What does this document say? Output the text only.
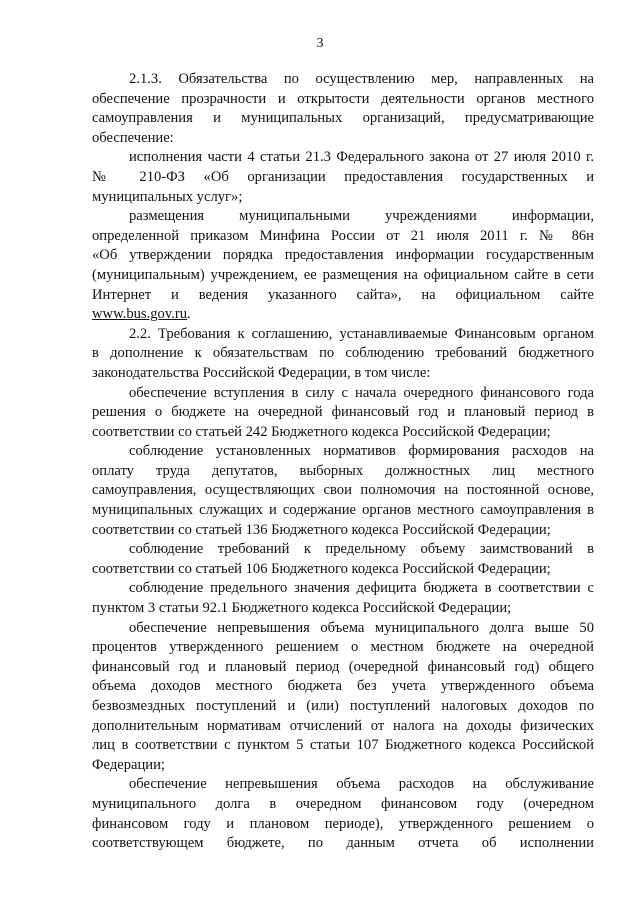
3

2.1.3. Обязательства по осуществлению мер, направленных на
обеспечение прозрачности и открытости деятельности органов местного
самоуправления и муниципальных организаций, предусматривающие
обеспечение:

исполнения части 4 статьи 21.3 Федерального закона от 27 июля 2010 г.
№ 210-ФЗ «Об организации предоставления государственных и
муниципальных услуг»;

размещения муниципальными учреждениями информации,
определенной приказом Минфина России от 21 июля 2011 г. № 86н
«Об утверждении порядка предоставления информации государственным
(муниципальным) учреждением, ее размещения на официальном сайте в сети
Интернет и ведения указанного сайта», на официальном сайте
www.bus.gov.ru.

2.2. Требования к соглашению, устанавливаемые Финансовым органом
в дополнение к обязательствам по соблюдению требований бюджетного
законодательства Российской Федерации, в том числе:

обеспечение вступления в силу с начала очередного финансового года
решения о бюджете на очередной финансовый год и плановый период в
соответствии со статьей 242 Бюджетного кодекса Российской Федерации;

соблюдение установленных нормативов формирования расходов на
оплату труда депутатов, выборных должностных лиц местного
самоуправления, осуществляющих свои полномочия на постоянной основе,
муниципальных служащих и содержание органов местного самоуправления в
соответствии со статьей 136 Бюджетного кодекса Российской Федерации;

соблюдение требований к предельному объему заимствований в
соответствии со статьей 106 Бюджетного кодекса Российской Федерации;

соблюдение предельного значения дефицита бюджета в соответствии с
пунктом 3 статьи 92.1 Бюджетного кодекса Российской Федерации;

обеспечение непревышения объема муниципального долга выше 50
процентов утвержденного решением о местном бюджете на очередной
финансовый год и плановый период (очередной финансовый год) общего
объема доходов местного бюджета без учета утвержденного объема
безвозмездных поступлений и (или) поступлений налоговых доходов по
дополнительным нормативам отчислений от налога на доходы физических
лиц в соответствии с пунктом 5 статьи 107 Бюджетного кодекса Российской
Федерации;

обеспечение непревышения объема расходов на обслуживание
муниципального долга в очередном финансовом году (очередном
финансовом году и плановом периоде), утвержденного решением о
соответствующем бюджете, по данным отчета об исполнении
